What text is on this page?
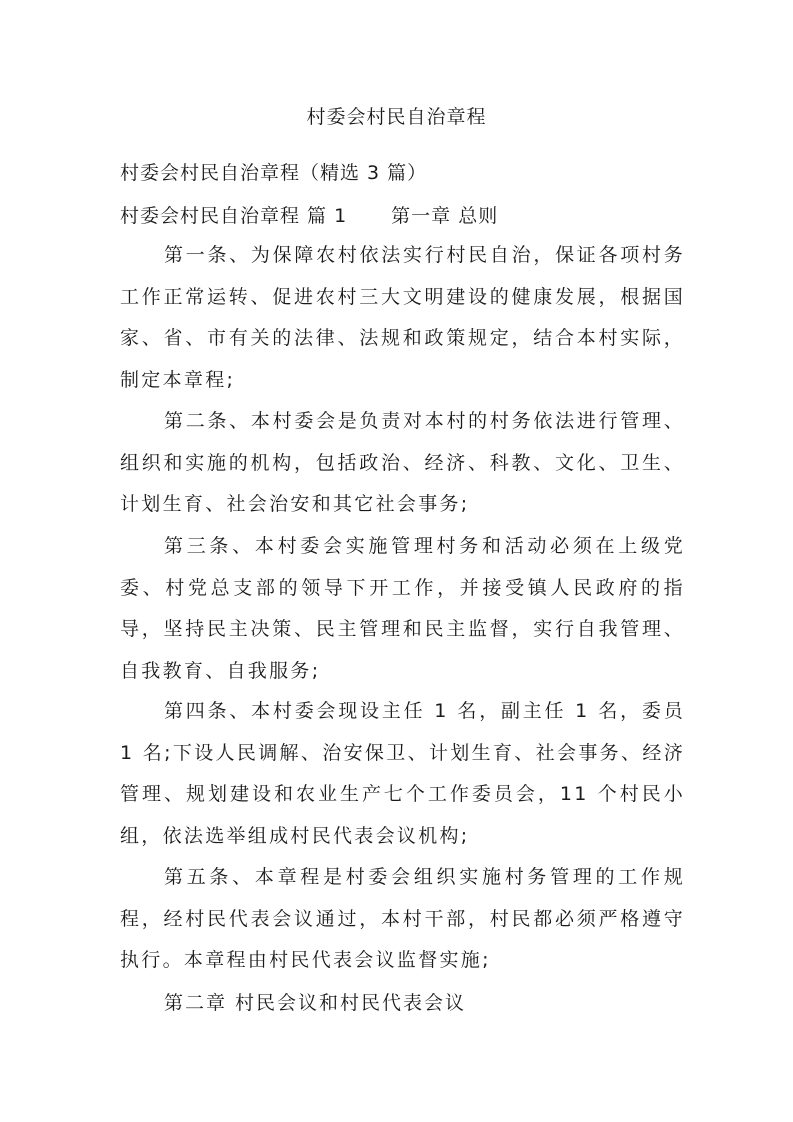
村委会村民自治章程
村委会村民自治章程（精选 3 篇）
村委会村民自治章程 篇 1 第一章 总则
第一条、为保障农村依法实行村民自治，保证各项村务工作正常运转、促进农村三大文明建设的健康发展，根据国家、省、市有关的法律、法规和政策规定，结合本村实际，制定本章程;
第二条、本村委会是负责对本村的村务依法进行管理、组织和实施的机构，包括政治、经济、科教、文化、卫生、计划生育、社会治安和其它社会事务;
第三条、本村委会实施管理村务和活动必须在上级党委、村党总支部的领导下开工作，并接受镇人民政府的指导，坚持民主决策、民主管理和民主监督，实行自我管理、自我教育、自我服务;
第四条、本村委会现设主任 1 名，副主任 1 名，委员 1 名;下设人民调解、治安保卫、计划生育、社会事务、经济管理、规划建设和农业生产七个工作委员会，11 个村民小组，依法选举组成村民代表会议机构;
第五条、本章程是村委会组织实施村务管理的工作规程，经村民代表会议通过，本村干部，村民都必须严格遵守执行。本章程由村民代表会议监督实施;
第二章 村民会议和村民代表会议
